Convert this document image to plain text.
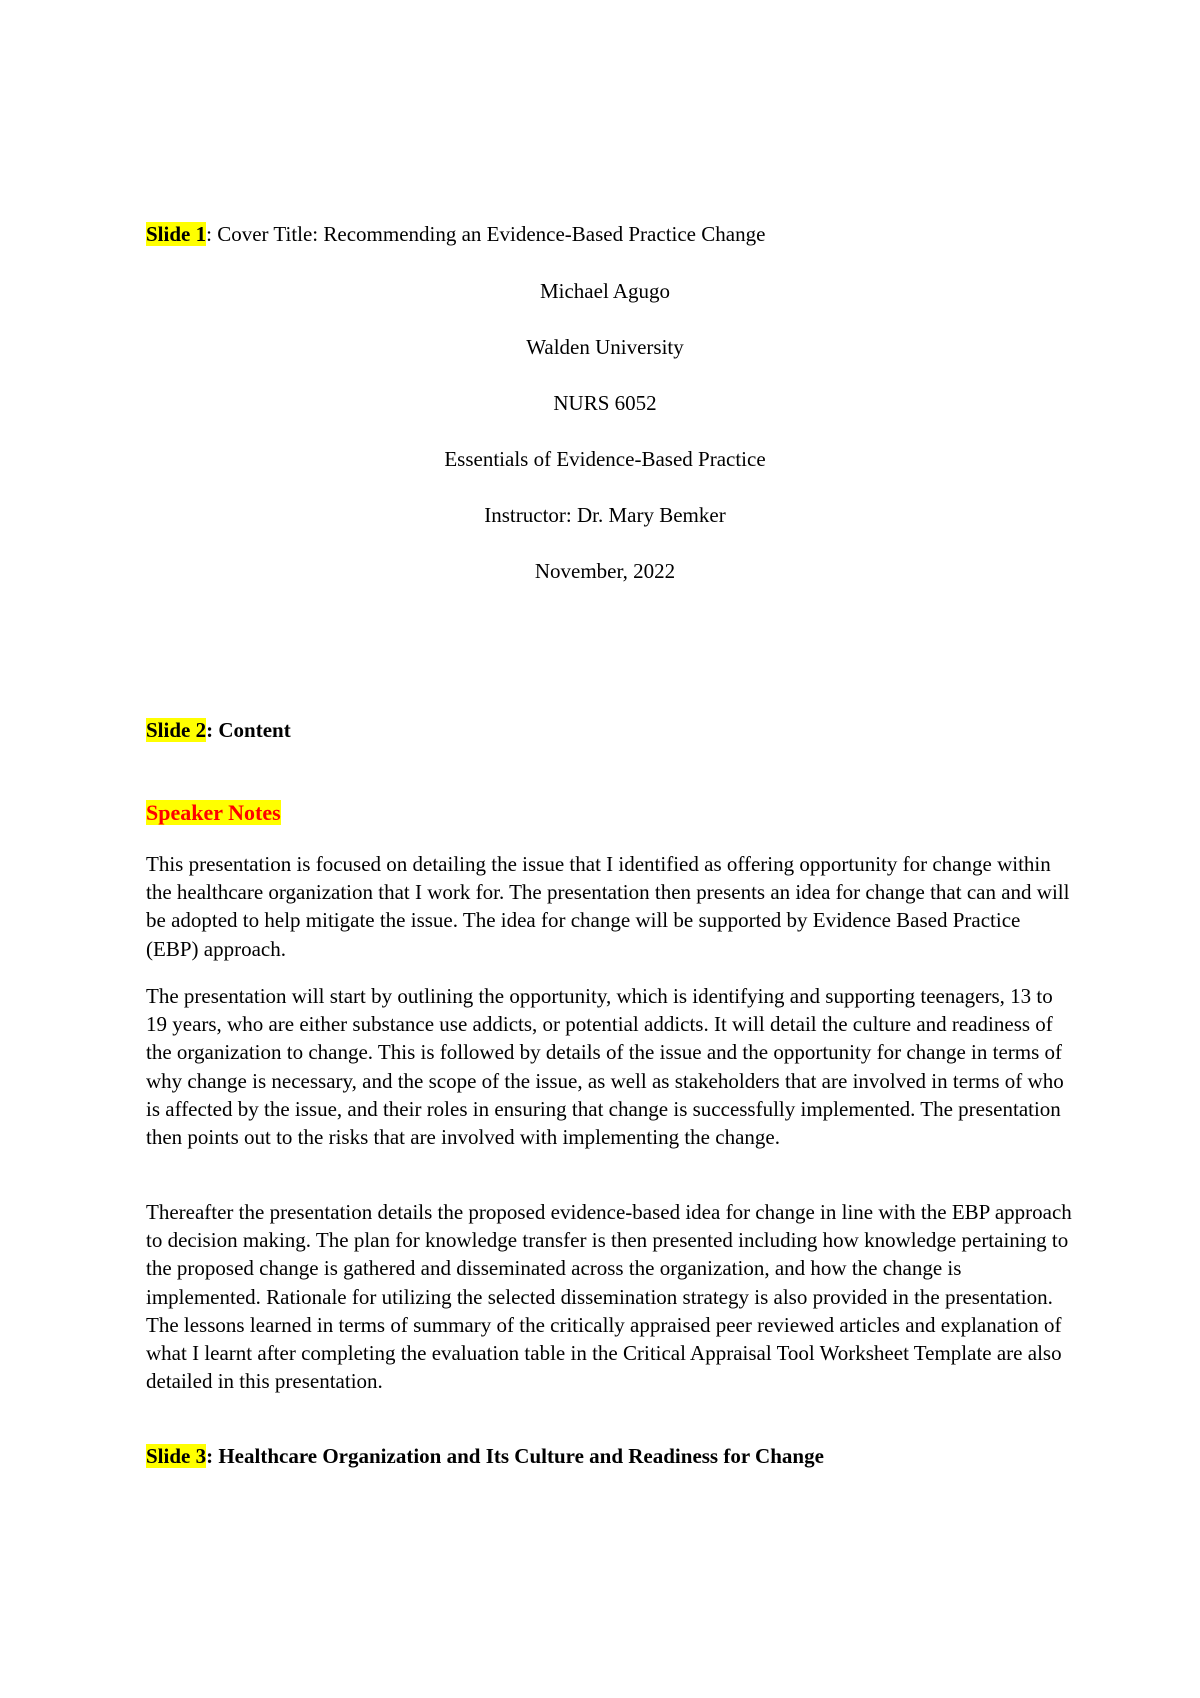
Slide 1: Cover Title: Recommending an Evidence-Based Practice Change
Michael Agugo
Walden University
NURS 6052
Essentials of Evidence-Based Practice
Instructor: Dr. Mary Bemker
November, 2022
Slide 2: Content
Speaker Notes
This presentation is focused on detailing the issue that I identified as offering opportunity for change within the healthcare organization that I work for. The presentation then presents an idea for change that can and will be adopted to help mitigate the issue. The idea for change will be supported by Evidence Based Practice (EBP) approach.
The presentation will start by outlining the opportunity, which is identifying and supporting teenagers, 13 to 19 years, who are either substance use addicts, or potential addicts. It will detail the culture and readiness of the organization to change. This is followed by details of the issue and the opportunity for change in terms of why change is necessary, and the scope of the issue, as well as stakeholders that are involved in terms of who is affected by the issue, and their roles in ensuring that change is successfully implemented. The presentation then points out to the risks that are involved with implementing the change.
Thereafter the presentation details the proposed evidence-based idea for change in line with the EBP approach to decision making. The plan for knowledge transfer is then presented including how knowledge pertaining to the proposed change is gathered and disseminated across the organization, and how the change is implemented. Rationale for utilizing the selected dissemination strategy is also provided in the presentation. The lessons learned in terms of summary of the critically appraised peer reviewed articles and explanation of what I learnt after completing the evaluation table in the Critical Appraisal Tool Worksheet Template are also detailed in this presentation.
Slide 3: Healthcare Organization and Its Culture and Readiness for Change
